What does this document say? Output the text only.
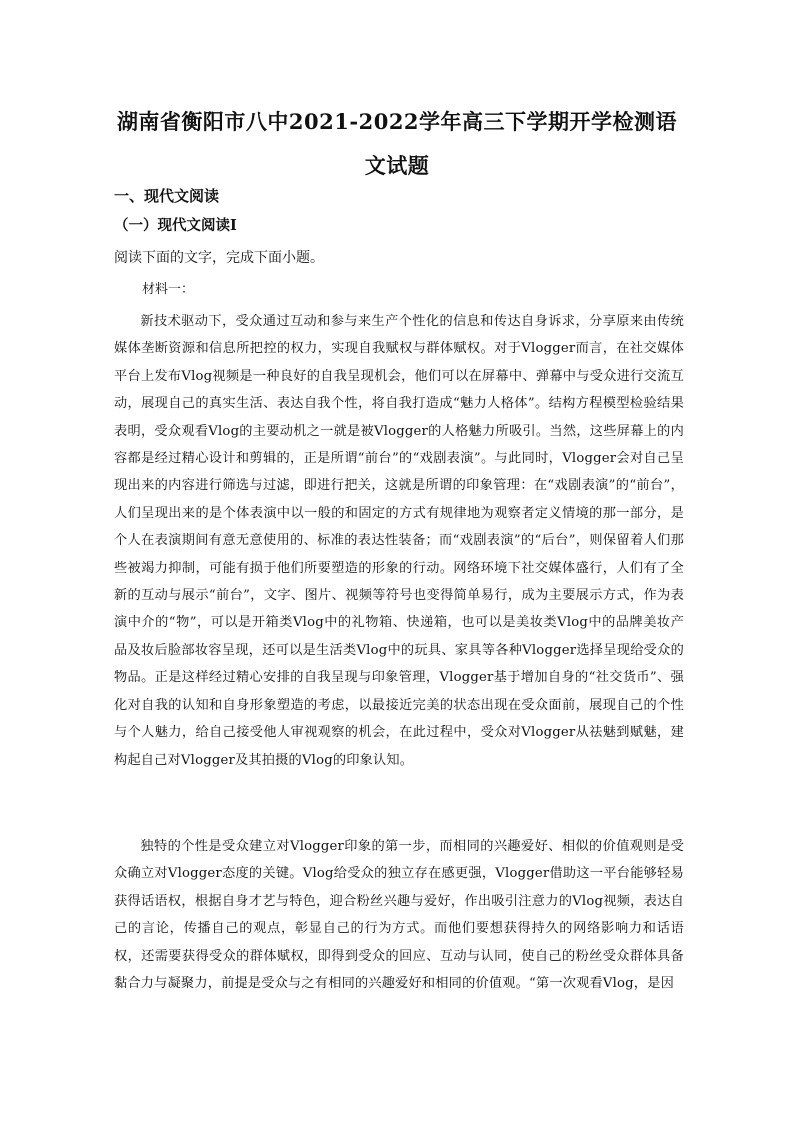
湖南省衡阳市八中2021-2022学年高三下学期开学检测语文试题
一、现代文阅读
（一）现代文阅读Ⅰ
阅读下面的文字，完成下面小题。
材料一：

新技术驱动下，受众通过互动和参与来生产个性化的信息和传达自身诉求，分享原来由传统媒体垄断资源和信息所把控的权力，实现自我赋权与群体赋权。对于Vlogger而言，在社交媒体平台上发布Vlog视频是一种良好的自我呈现机会，他们可以在屏幕中、弹幕中与受众进行交流互动，展现自己的真实生活、表达自我个性，将自我打造成“魅力人格体”。结构方程模型检验结果表明，受众观看Vlog的主要动机之一就是被Vlogger的人格魅力所吸引。当然，这些屏幕上的内容都是经过精心设计和剪辑的，正是所谓“前台”的“戏剧表演”。与此同时，Vlogger会对自己呈现出来的内容进行筛选与过滤，即进行把关，这就是所谓的印象管理：在“戏剧表演”的“前台”，人们呈现出来的是个体表演中以一般的和固定的方式有规律地为观察者定义情境的那一部分，是个人在表演期间有意无意使用的、标准的表达性装备；而“戏剧表演”的“后台”，则保留着人们那些被竭力抑制，可能有损于他们所要塑造的形象的行动。网络环境下社交媒体盛行，人们有了全新的互动与展示“前台”，文字、图片、视频等符号也变得简单易行，成为主要展示方式，作为表演中介的“物”，可以是开箱类Vlog中的礼物箱、快递箱，也可以是美妆类Vlog中的品牌美妆产品及妆后脸部妆容呈现，还可以是生活类Vlog中的玩具、家具等各种Vlogger选择呈现给受众的物品。正是这样经过精心安排的自我呈现与印象管理，Vlogger基于增加自身的“社交货币”、强化对自我的认知和自身形象塑造的考虑，以最接近完美的状态出现在受众面前，展现自己的个性与个人魅力，给自己接受他人审视观察的机会，在此过程中，受众对Vlogger从祛魅到赋魅，建构起自己对Vlogger及其拍摄的Vlog的印象认知。

独特的个性是受众建立对Vlogger印象的第一步，而相同的兴趣爱好、相似的价值观则是受众确立对Vlogger态度的关键。Vlog给受众的独立存在感更强，Vlogger借助这一平台能够轻易获得话语权，根据自身才艺与特色，迎合粉丝兴趣与爱好，作出吸引注意力的Vlog视频，表达自己的言论，传播自己的观点，彰显自己的行为方式。而他们要想获得持久的网络影响力和话语权，还需要获得受众的群体赋权，即得到受众的回应、互动与认同，使自己的粉丝受众群体具备黏合力与凝聚力，前提是受众与之有相同的兴趣爱好和相同的价值观。“第一次观看Vlog，是因
